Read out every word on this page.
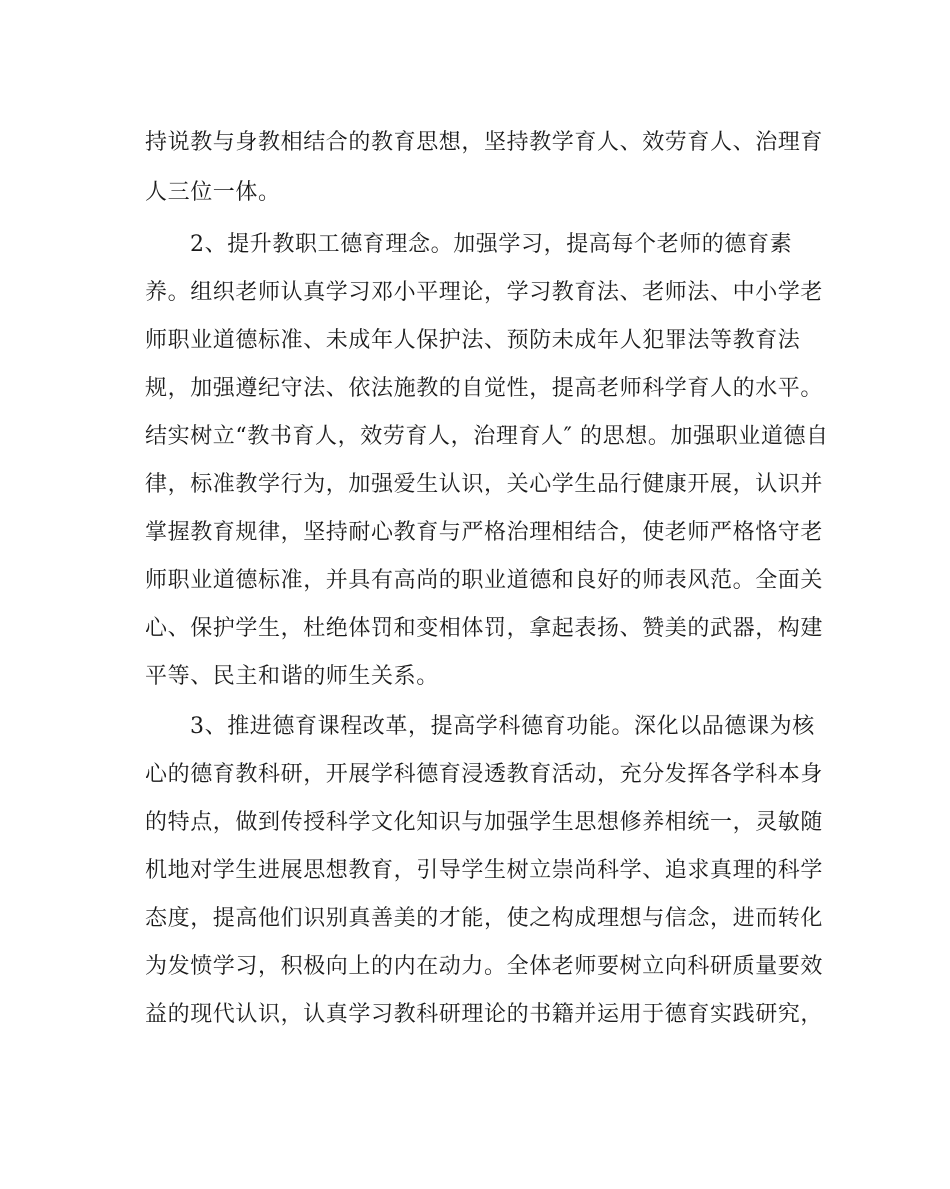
持说教与身教相结合的教育思想，坚持教学育人、效劳育人、治理育
人三位一体。
2、提升教职工德育理念。加强学习，提高每个老师的德育素
养。组织老师认真学习邓小平理论，学习教育法、老师法、中小学老
师职业道德标准、未成年人保护法、预防未成年人犯罪法等教育法
规，加强遵纪守法、依法施教的自觉性，提高老师科学育人的水平。
结实树立“教书育人，效劳育人，治理育人″ 的思想。加强职业道德自
律，标准教学行为，加强爱生认识，关心学生品行健康开展，认识并
掌握教育规律，坚持耐心教育与严格治理相结合，使老师严格恪守老
师职业道德标准，并具有高尚的职业道德和良好的师表风范。全面关
心、保护学生，杜绝体罚和变相体罚，拿起表扬、赞美的武器，构建
平等、民主和谐的师生关系。
3、推进德育课程改革，提高学科德育功能。深化以品德课为核
心的德育教科研，开展学科德育浸透教育活动，充分发挥各学科本身
的特点，做到传授科学文化知识与加强学生思想修养相统一，灵敏随
机地对学生进展思想教育，引导学生树立崇尚科学、追求真理的科学
态度，提高他们识别真善美的才能，使之构成理想与信念，进而转化
为发愤学习，积极向上的内在动力。全体老师要树立向科研质量要效
益的现代认识，认真学习教科研理论的书籍并运用于德育实践研究，
